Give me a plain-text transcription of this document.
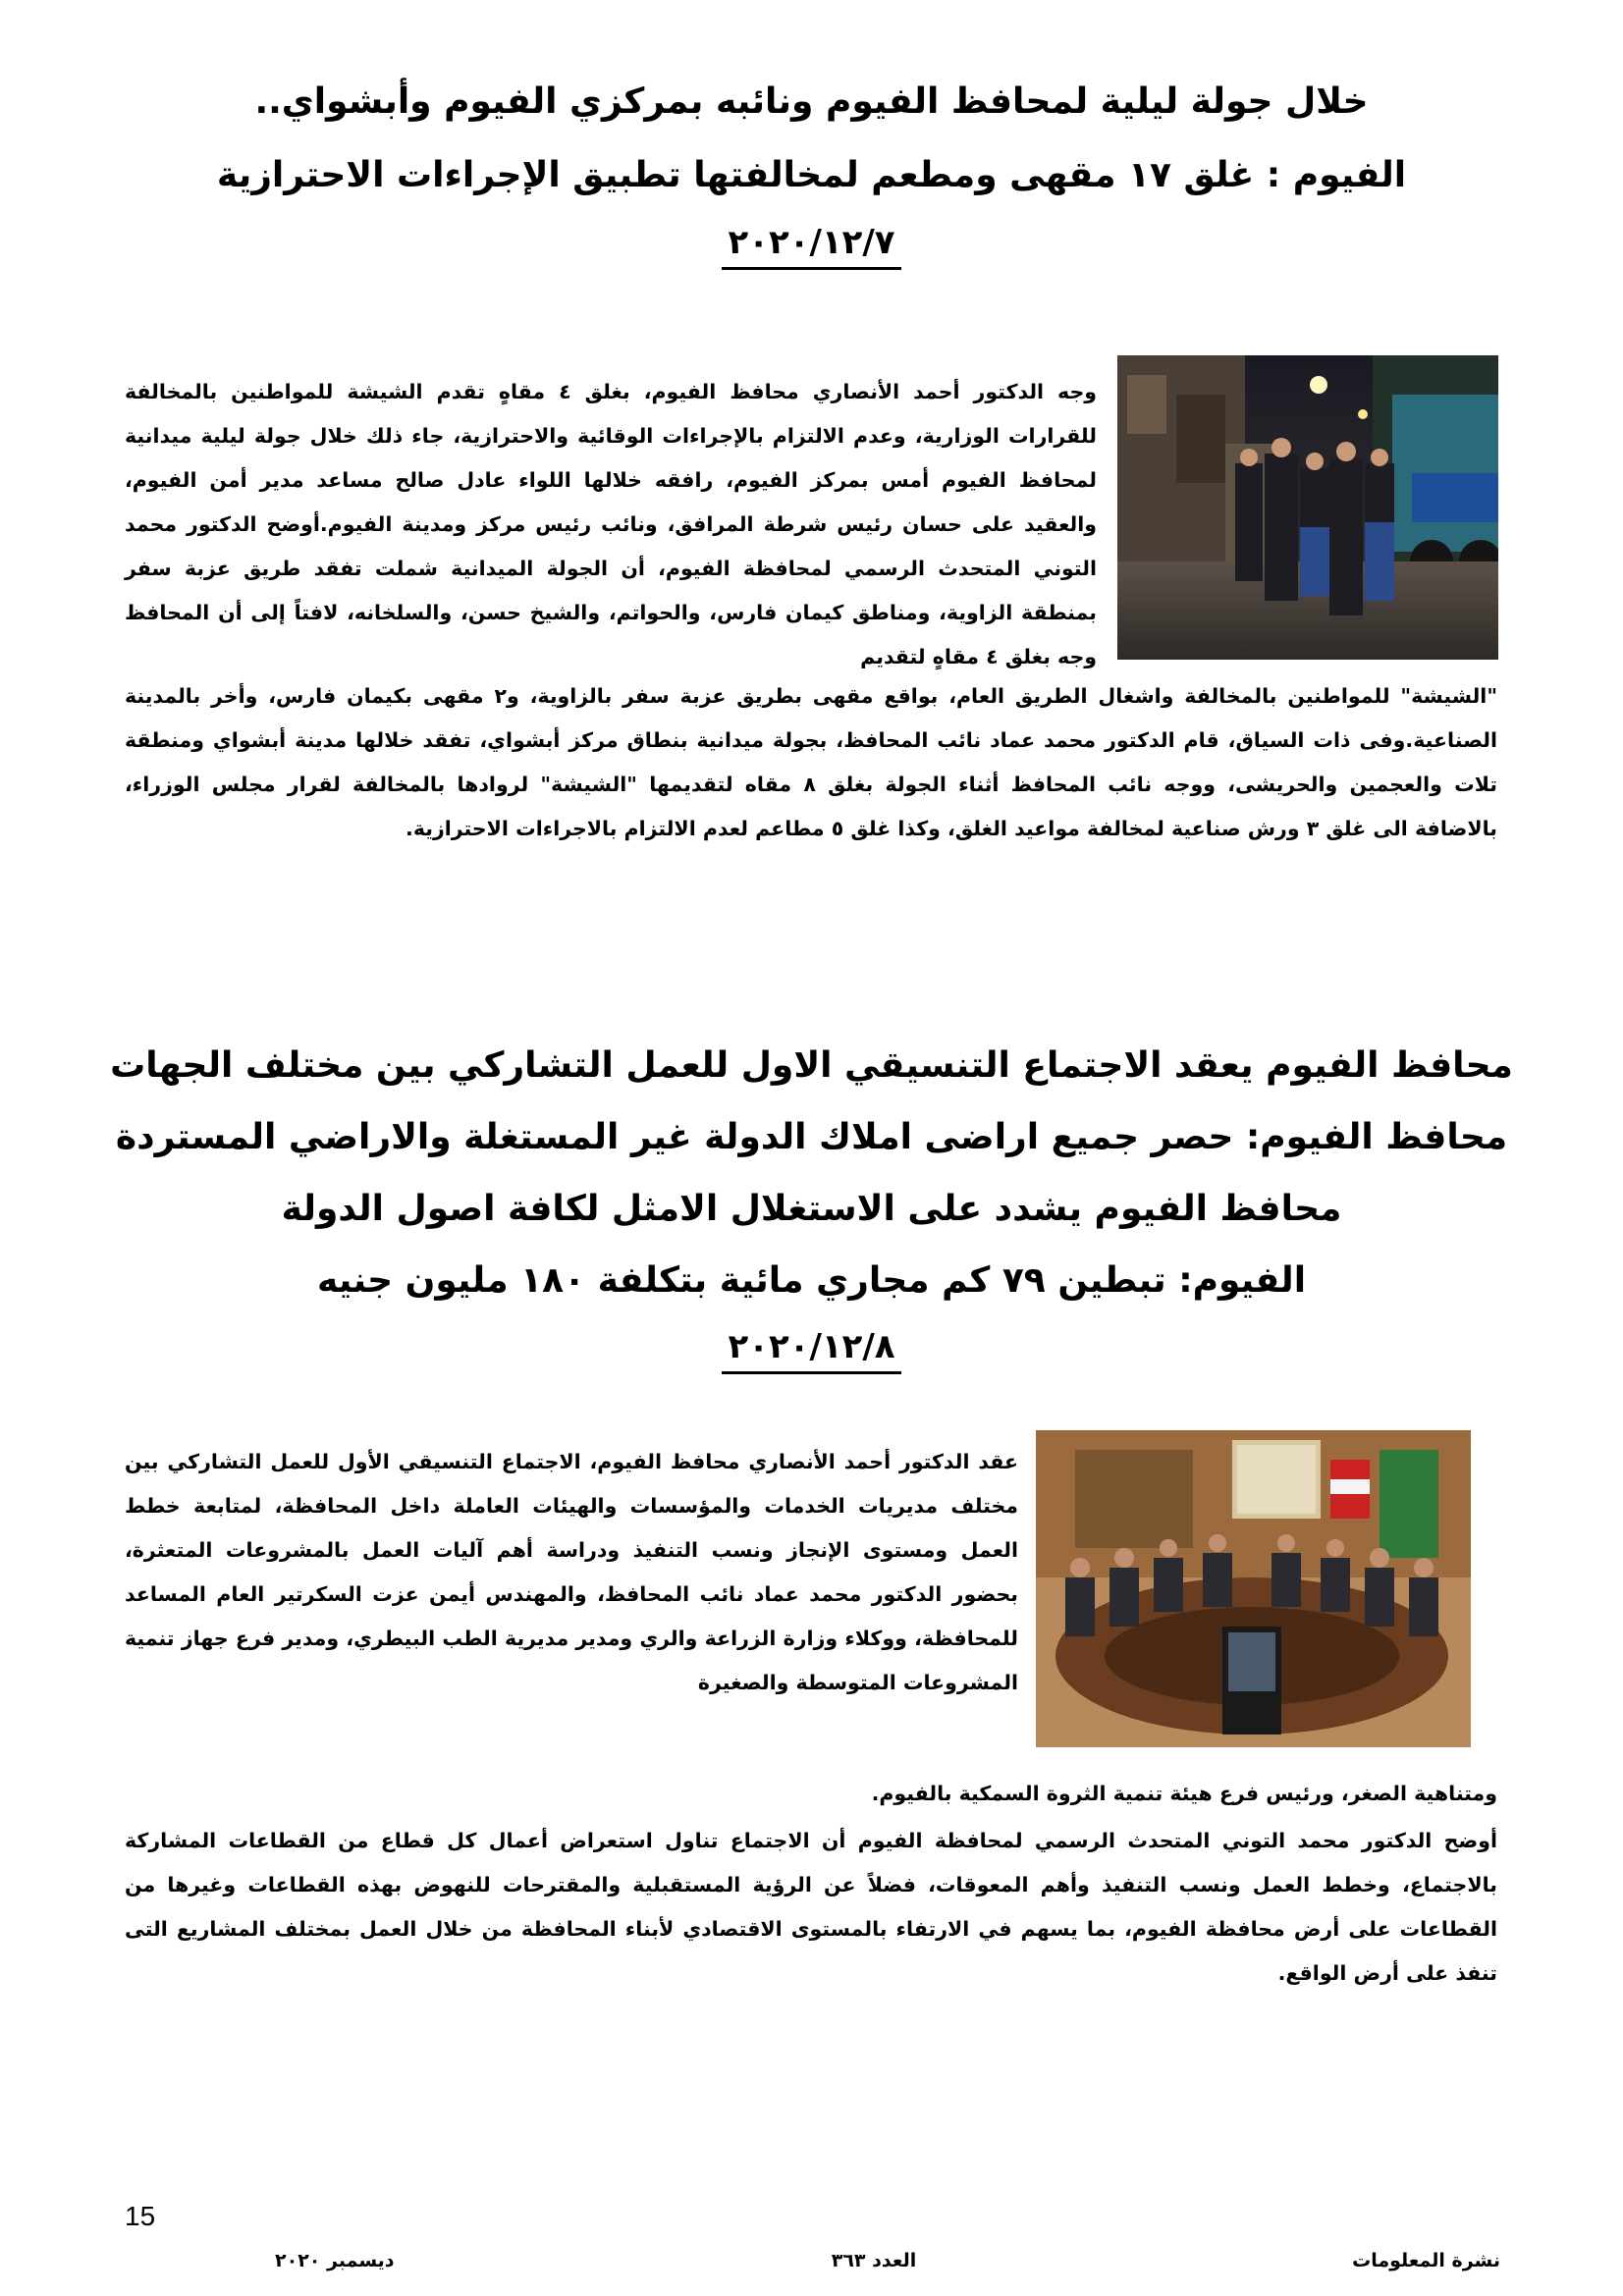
خلال جولة ليلية لمحافظ الفيوم ونائبه بمركزي الفيوم وأبشواي..
الفيوم : غلق ١٧ مقهى ومطعم لمخالفتها تطبيق الإجراءات الاحترازية
٢٠٢٠/١٢/٧
وجه الدكتور أحمد الأنصاري محافظ الفيوم، بغلق ٤ مقاهٍ تقدم الشيشة للمواطنين بالمخالفة للقرارات الوزارية، وعدم الالتزام بالإجراءات الوقائية والاحترازية، جاء ذلك خلال جولة ليلية ميدانية لمحافظ الفيوم أمس بمركز الفيوم، رافقه خلالها اللواء عادل صالح مساعد مدير أمن الفيوم، والعقيد على حسان رئيس شرطة المرافق، ونائب رئيس مركز ومدينة الفيوم.أوضح الدكتور محمد التوني المتحدث الرسمي لمحافظة الفيوم، أن الجولة الميدانية شملت تفقد طريق عزبة سفر بمنطقة الزاوية، ومناطق كيمان فارس، والحواتم، والشيخ حسن، والسلخانه، لافتاً إلى أن المحافظ وجه بغلق ٤ مقاهٍ لتقديم
"الشيشة" للمواطنين بالمخالفة واشغال الطريق العام، بواقع مقهى بطريق عزبة سفر بالزاوية، و٢ مقهى بكيمان فارس، وأخر بالمدينة الصناعية.وفى ذات السياق، قام الدكتور محمد عماد نائب المحافظ، بجولة ميدانية بنطاق مركز أبشواي، تفقد خلالها مدينة أبشواي ومنطقة تلات والعجمين والحريشى، ووجه نائب المحافظ أثناء الجولة بغلق ٨ مقاه لتقديمها "الشيشة" لروادها بالمخالفة لقرار مجلس الوزراء، بالاضافة الى غلق ٣ ورش صناعية لمخالفة مواعيد الغلق، وكذا غلق ٥ مطاعم لعدم الالتزام بالاجراءات الاحترازية.
محافظ الفيوم يعقد الاجتماع التنسيقي الاول للعمل التشاركي بين مختلف الجهات
محافظ الفيوم: حصر جميع اراضى املاك الدولة غير المستغلة والاراضي المستردة
محافظ الفيوم يشدد على الاستغلال الامثل لكافة اصول الدولة
الفيوم: تبطين ٧٩ كم مجاري مائية بتكلفة ١٨٠ مليون جنيه
٢٠٢٠/١٢/٨
عقد الدكتور أحمد الأنصاري محافظ الفيوم، الاجتماع التنسيقي الأول للعمل التشاركي بين مختلف مديريات الخدمات والمؤسسات والهيئات العاملة داخل المحافظة، لمتابعة خطط العمل ومستوى الإنجاز ونسب التنفيذ ودراسة أهم آليات العمل بالمشروعات المتعثرة، بحضور الدكتور محمد عماد نائب المحافظ، والمهندس أيمن عزت السكرتير العام المساعد للمحافظة، ووكلاء وزارة الزراعة والري ومدير مديرية الطب البيطري، ومدير فرع جهاز تنمية المشروعات المتوسطة والصغيرة
ومتناهية الصغر، ورئيس فرع هيئة تنمية الثروة السمكية بالفيوم.
أوضح الدكتور محمد التوني المتحدث الرسمي لمحافظة الفيوم أن الاجتماع تناول استعراض أعمال كل قطاع من القطاعات المشاركة بالاجتماع، وخطط العمل ونسب التنفيذ وأهم المعوقات، فضلاً عن الرؤية المستقبلية والمقترحات للنهوض بهذه القطاعات وغيرها من القطاعات على أرض محافظة الفيوم، بما يسهم في الارتفاء بالمستوى الاقتصادي لأبناء المحافظة من خلال العمل بمختلف المشاريع التى تنفذ على أرض الواقع.
15
نشرة المعلومات
العدد ٣٦٣
ديسمبر ٢٠٢٠
